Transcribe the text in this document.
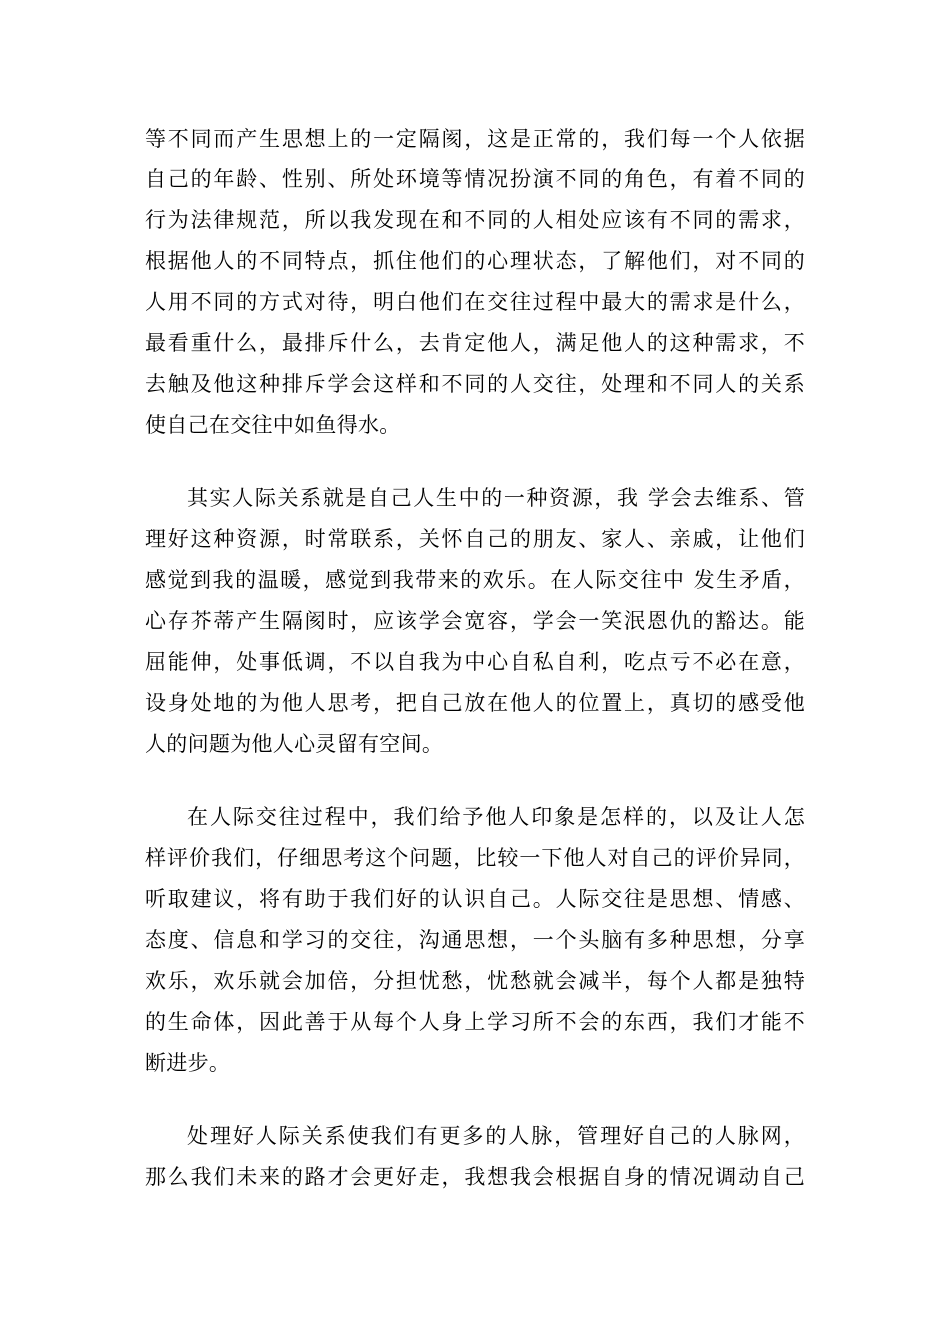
等不同而产生思想上的一定隔阂，这是正常的，我们每一个人依据
自己的年龄、性别、所处环境等情况扮演不同的角色，有着不同的
行为法律规范，所以我发现在和不同的人相处应该有不同的需求，
根据他人的不同特点，抓住他们的心理状态，了解他们，对不同的
人用不同的方式对待，明白他们在交往过程中最大的需求是什么，
最看重什么，最排斥什么，去肯定他人，满足他人的这种需求，不
去触及他这种排斥学会这样和不同的人交往，处理和不同人的关系
使自己在交往中如鱼得水。
其实人际关系就是自己人生中的一种资源，我 学会去维系、管
理好这种资源，时常联系，关怀自己的朋友、家人、亲戚，让他们
感觉到我的温暖，感觉到我带来的欢乐。在人际交往中 发生矛盾，
心存芥蒂产生隔阂时，应该学会宽容，学会一笑泯恩仇的豁达。能
屈能伸，处事低调，不以自我为中心自私自利，吃点亏不必在意，
设身处地的为他人思考，把自己放在他人的位置上，真切的感受他
人的问题为他人心灵留有空间。
在人际交往过程中，我们给予他人印象是怎样的，以及让人怎
样评价我们，仔细思考这个问题，比较一下他人对自己的评价异同，
听取建议，将有助于我们好的认识自己。人际交往是思想、情感、
态度、信息和学习的交往，沟通思想，一个头脑有多种思想，分享
欢乐，欢乐就会加倍，分担忧愁，忧愁就会减半，每个人都是独特
的生命体，因此善于从每个人身上学习所不会的东西，我们才能不
断进步。
处理好人际关系使我们有更多的人脉，管理好自己的人脉网，
那么我们未来的路才会更好走，我想我会根据自身的情况调动自己
